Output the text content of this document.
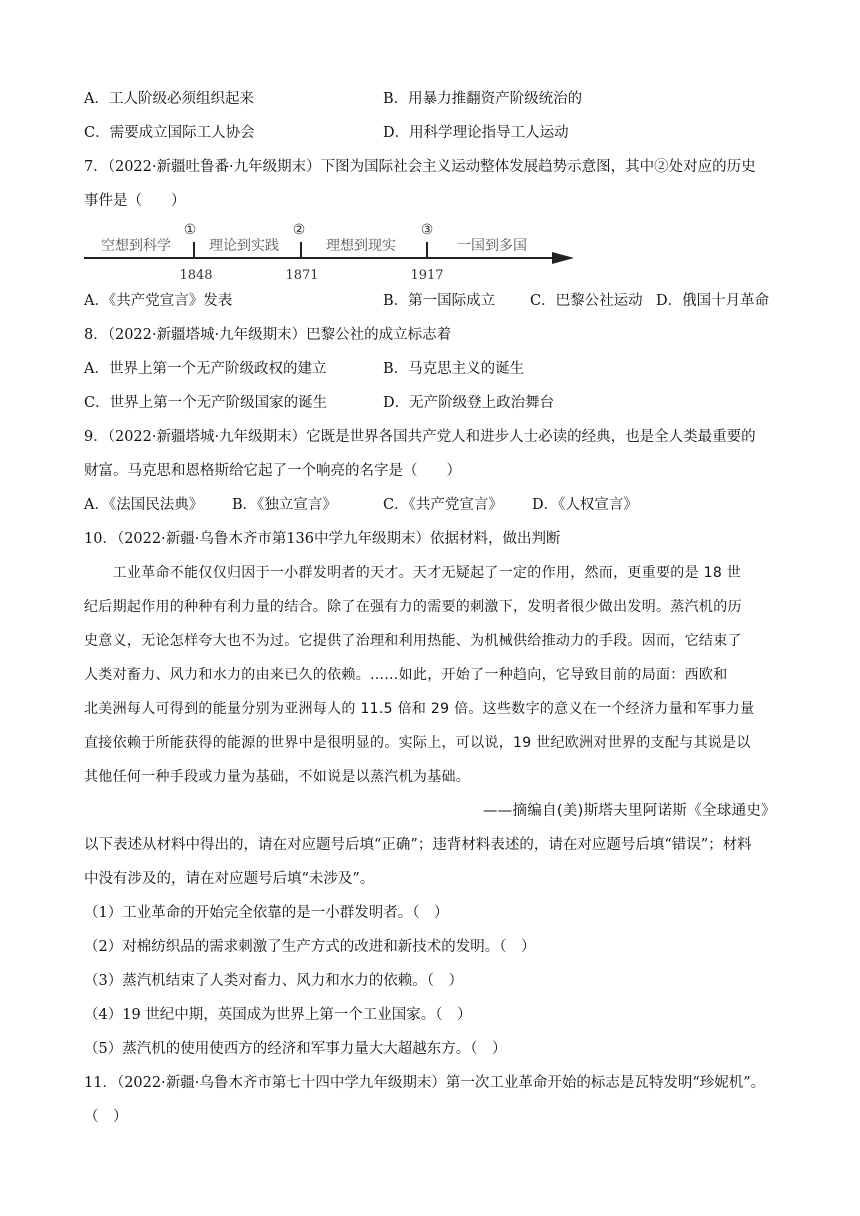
A．工人阶级必须组织起来	B．用暴力推翻资产阶级统治的
C．需要成立国际工人协会	D．用科学理论指导工人运动
7．（2022·新疆吐鲁番·九年级期末）下图为国际社会主义运动整体发展趋势示意图，其中②处对应的历史
事件是（　　）
①	②	③
空想到科学	理论到实践	理想到现实	一国到多国
1848	1871	1917
A．《共产党宣言》发表	B．第一国际成立 C．巴黎公社运动 D．俄国十月革命
8．（2022·新疆塔城·九年级期末）巴黎公社的成立标志着
A．世界上第一个无产阶级政权的建立	B．马克思主义的诞生
C．世界上第一个无产阶级国家的诞生	D．无产阶级登上政治舞台
9．（2022·新疆塔城·九年级期末）它既是世界各国共产党人和进步人士必读的经典，也是全人类最重要的
财富。马克思和恩格斯给它起了一个响亮的名字是（　　）
A．《法国民法典》 B．《独立宣言》	C．《共产党宣言》 D．《人权宣言》
10．（2022·新疆·乌鲁木齐市第136中学九年级期末）依据材料，做出判断
　　工业革命不能仅仅归因于一小群发明者的天才。天才无疑起了一定的作用，然而，更重要的是 18 世
纪后期起作用的种种有利力量的结合。除了在强有力的需要的刺激下，发明者很少做出发明。蒸汽机的历
史意义，无论怎样夸大也不为过。它提供了治理和利用热能、为机械供给推动力的手段。因而，它结束了
人类对畜力、风力和水力的由来已久的依赖。……如此，开始了一种趋向，它导致目前的局面：西欧和
北美洲每人可得到的能量分别为亚洲每人的 11.5 倍和 29 倍。这些数字的意义在一个经济力量和军事力量
直接依赖于所能获得的能源的世界中是很明显的。实际上，可以说，19 世纪欧洲对世界的支配与其说是以
其他任何一种手段或力量为基础，不如说是以蒸汽机为基础。
——摘编自(美)斯塔夫里阿诺斯《全球通史》
以下表述从材料中得出的，请在对应题号后填“正确”；违背材料表述的，请在对应题号后填“错误”；材料
中没有涉及的，请在对应题号后填“未涉及”。
（1）工业革命的开始完全依靠的是一小群发明者。（　）
（2）对棉纺织品的需求刺激了生产方式的改进和新技术的发明。（　）
（3）蒸汽机结束了人类对畜力、风力和水力的依赖。（　）
（4）19 世纪中期，英国成为世界上第一个工业国家。（　）
（5）蒸汽机的使用使西方的经济和军事力量大大超越东方。（　）
11．（2022·新疆·乌鲁木齐市第七十四中学九年级期末）第一次工业革命开始的标志是瓦特发明“珍妮机”。
（　）
